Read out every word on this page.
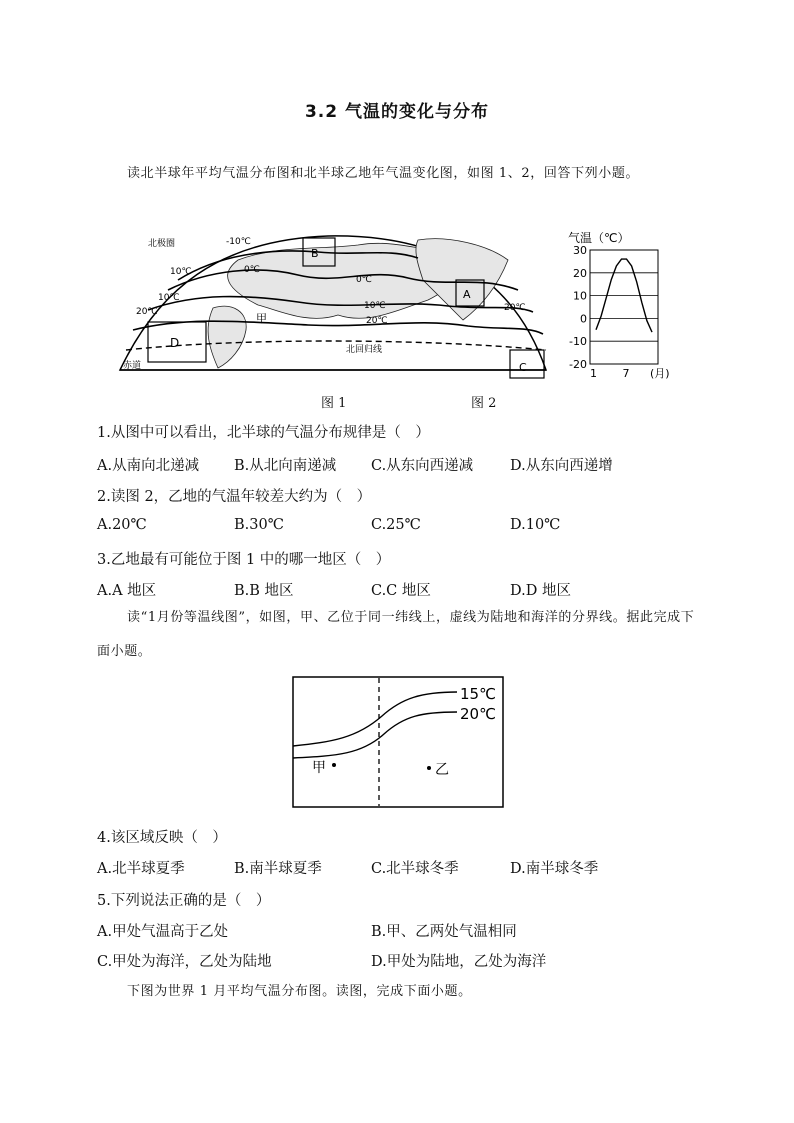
3.2 气温的变化与分布
读北半球年平均气温分布图和北半球乙地年气温变化图，如图 1、2，回答下列小题。
北极圈	-10℃
10℃	0℃
0℃
10℃
20℃
10℃
20℃
20℃
甲
北回归线
赤道
B
A
D
C
气温（℃）
30
20
10
0
-10
-20
1 7 (月)
图 1	图 2
1.从图中可以看出，北半球的气温分布规律是（　）
A.从南向北递减 B.从北向南递减 C.从东向西递减	D.从东向西递增
2.读图 2，乙地的气温年较差大约为（　）
A.20℃	B.30℃	C.25℃	D.10℃
3.乙地最有可能位于图 1 中的哪一地区（　）
A.A 地区	B.B 地区	C.C 地区	D.D 地区
读“1月份等温线图”，如图，甲、乙位于同一纬线上，虚线为陆地和海洋的分界线。据此完成下面小题。
15℃
20℃
甲	乙
4.该区域反映（　）
A.北半球夏季	B.南半球夏季	C.北半球冬季	D.南半球冬季
5.下列说法正确的是（　）
A.甲处气温高于乙处	B.甲、乙两处气温相同
C.甲处为海洋，乙处为陆地	D.甲处为陆地，乙处为海洋
下图为世界 1 月平均气温分布图。读图，完成下面小题。
